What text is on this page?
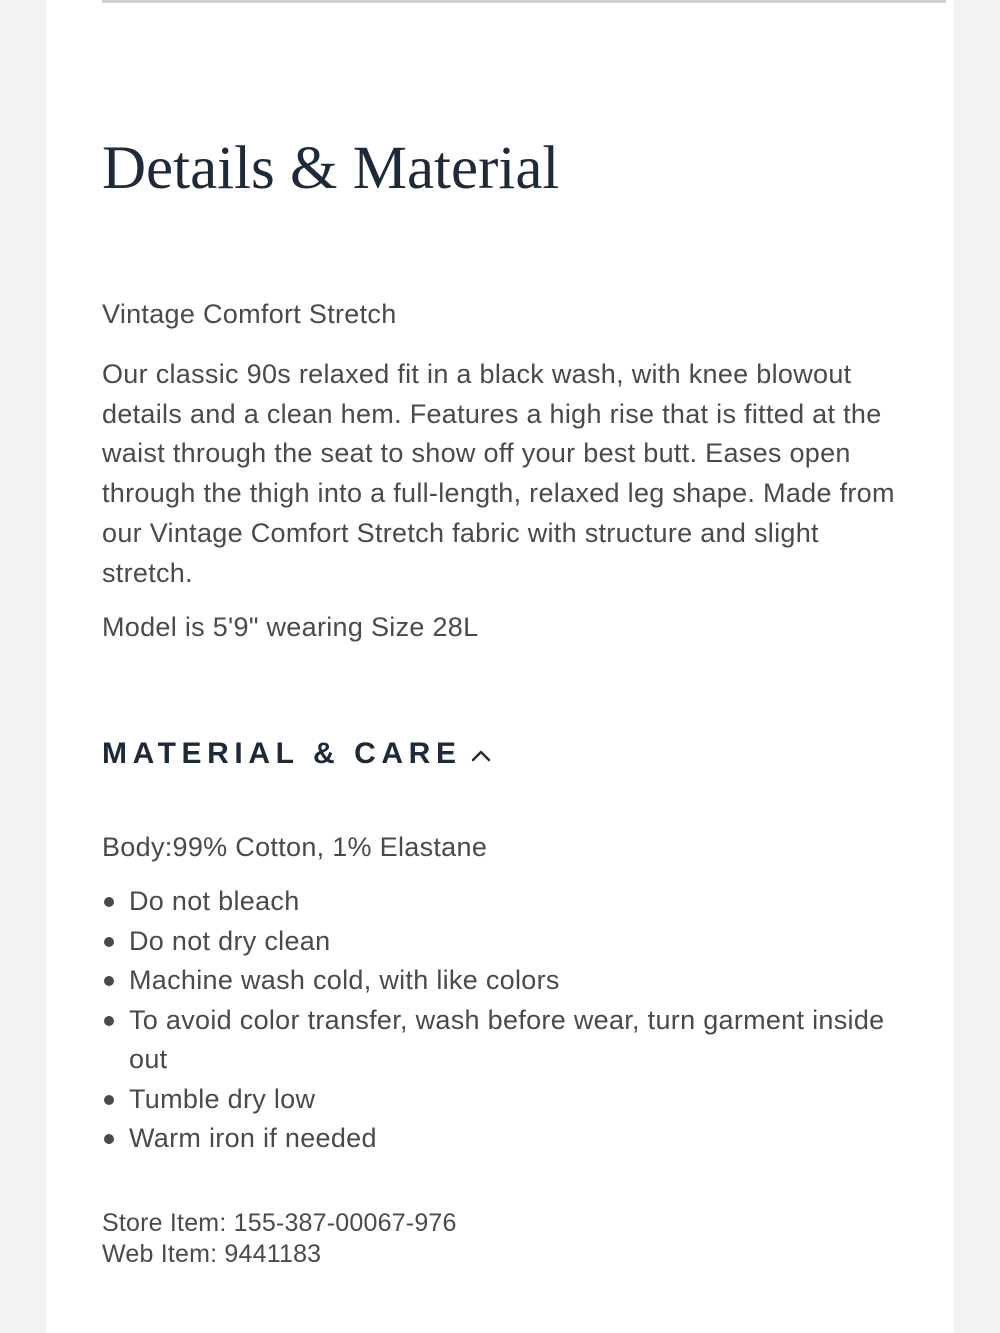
Details & Material
Vintage Comfort Stretch

Our classic 90s relaxed fit in a black wash, with knee blowout details and a clean hem. Features a high rise that is fitted at the waist through the seat to show off your best butt. Eases open through the thigh into a full-length, relaxed leg shape. Made from our Vintage Comfort Stretch fabric with structure and slight stretch.

Model is 5'9" wearing Size 28L
MATERIAL & CARE
Body:99% Cotton, 1% Elastane
Do not bleach
Do not dry clean
Machine wash cold, with like colors
To avoid color transfer, wash before wear, turn garment inside out
Tumble dry low
Warm iron if needed
Store Item: 155-387-00067-976
Web Item: 9441183
